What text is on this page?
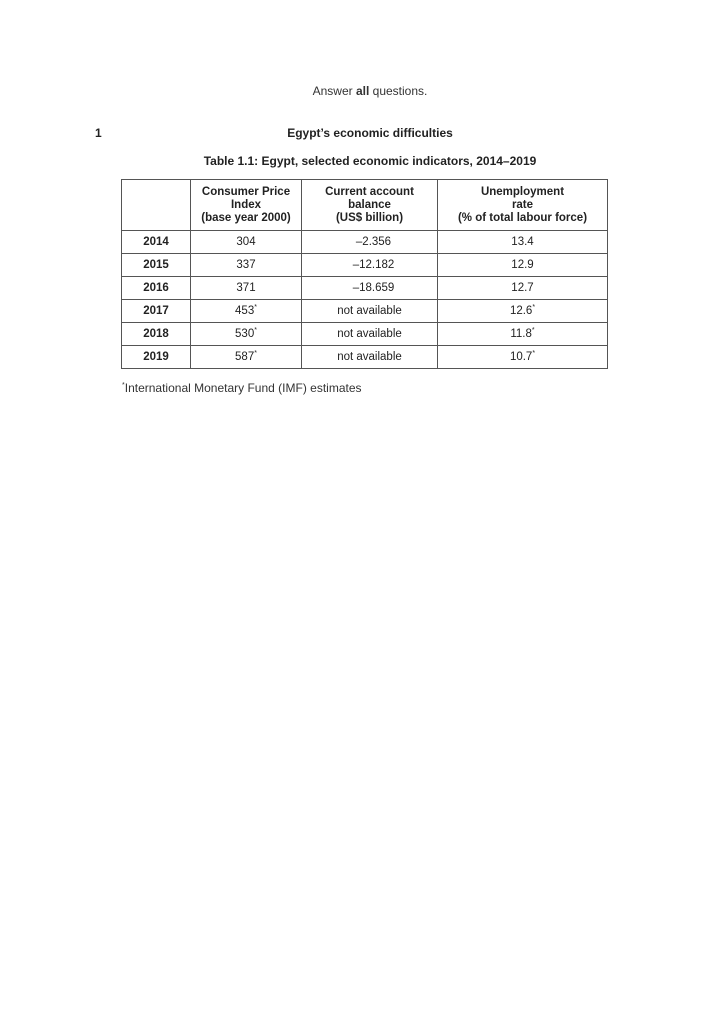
Answer all questions.
1	Egypt’s economic difficulties
Table 1.1: Egypt, selected economic indicators, 2014–2019
	Consumer Price
Index
(base year 2000)	Current account
balance
(US$ billion)	Unemployment
rate
(% of total labour force)
2014	304	–2.356	13.4
2015	337	–12.182	12.9
2016	371	–18.659	12.7
2017	453*	not available	12.6*
2018	530*	not available	11.8*
2019	587*	not available	10.7*
*International Monetary Fund (IMF) estimates
